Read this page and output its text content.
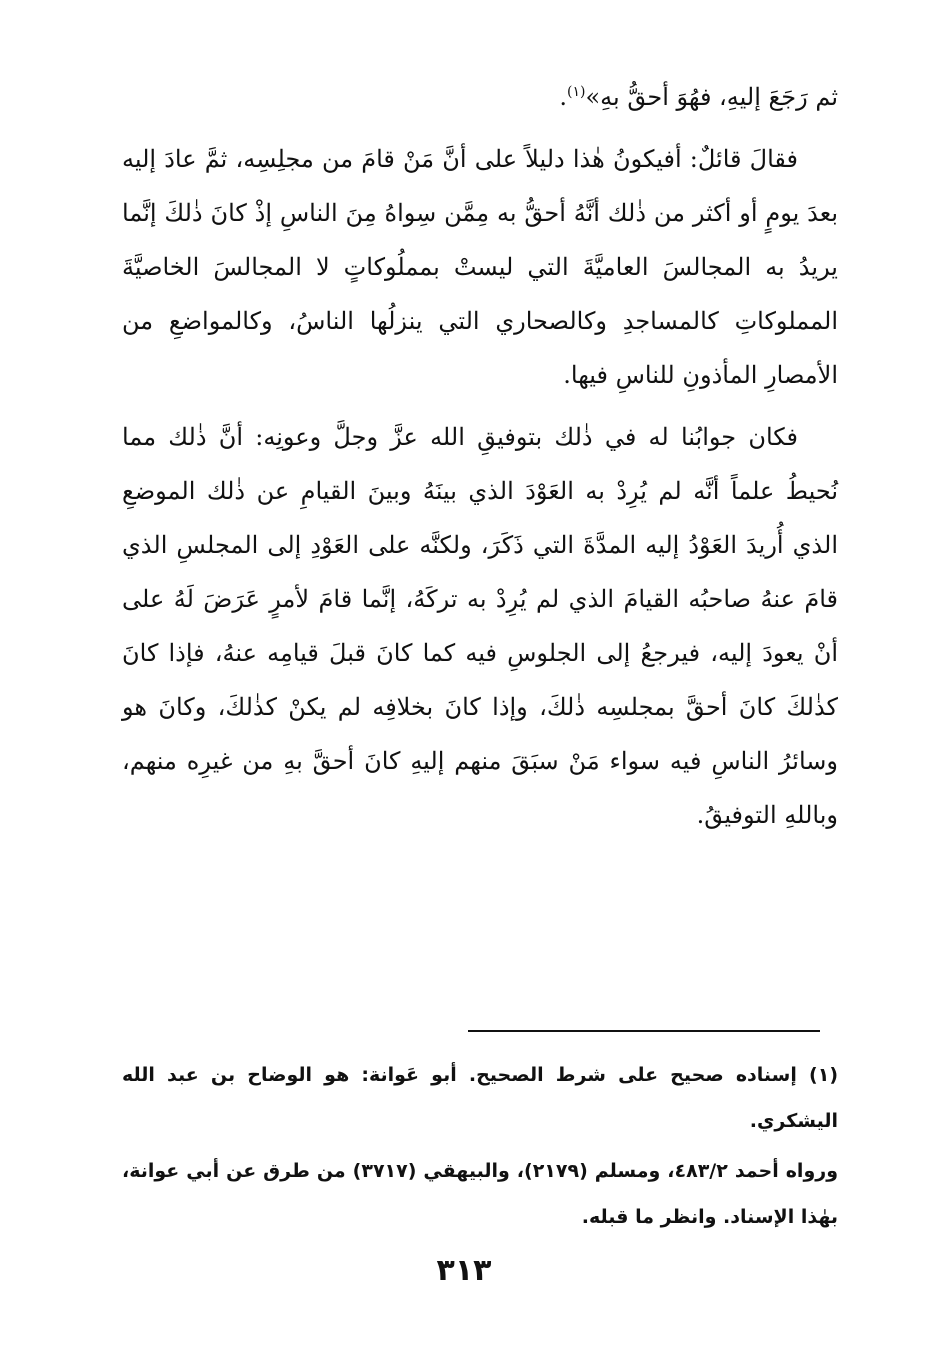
ثم رَجَعَ إليهِ، فهُوَ أحقُّ بهِ»$^{(١)}$.

فقالَ قائلٌ: أفيكونُ هٰذا دليلاً على أنَّ مَنْ قامَ من مجلِسِه، ثمَّ عادَ إليه بعدَ يومٍ أو أكثر من ذٰلك أنَّهُ أحقُّ به مِمَّن سِواهُ مِنَ الناسِ إذْ كانَ ذٰلكَ إنَّما يريدُ به المجالسَ العاميَّةَ التي ليستْ بمملُوكاتٍ لا المجالسَ الخاصيَّةَ المملوكاتِ كالمساجدِ وكالصحاري التي ينزلُها الناسُ، وكالمواضعِ من الأمصارِ المأذونِ للناسِ فيها.

فكان جوابُنا له في ذٰلك بتوفيقِ الله عزَّ وجلَّ وعونِه: أنَّ ذٰلك مما نُحيطُ علماً أنَّه لم يُرِدْ به العَوْدَ الذي بينَهُ وبينَ القيامِ عن ذٰلك الموضعِ الذي أُريدَ العَوْدُ إليه المدَّةَ التي ذَكَرَ، ولكنَّه على العَوْدِ إلى المجلسِ الذي قامَ عنهُ صاحبُه القيامَ الذي لم يُرِدْ به تركَهُ، إنَّما قامَ لأمرٍ عَرَضَ لَهُ على أنْ يعودَ إليه، فيرجعُ إلى الجلوسِ فيه كما كانَ قبلَ قيامِه عنهُ، فإذا كانَ كذٰلكَ كانَ أحقَّ بمجلسِه ذٰلكَ، وإذا كانَ بخلافِه لم يكنْ كذٰلكَ، وكانَ هو وسائرُ الناسِ فيه سواء مَنْ سبَقَ منهم إليهِ كانَ أحقَّ بهِ من غيرِه منهم، وباللهِ التوفيقُ.

(١) إسناده صحيح على شرط الصحيح. أبو عَوانة: هو الوضاح بن عبد الله اليشكري.

ورواه أحمد ٤٨٣/٢، ومسلم (٢١٧٩)، والبيهقي (٣٧١٧) من طرق عن أبي عوانة، بهٰذا الإسناد. وانظر ما قبله.

٣١٣
